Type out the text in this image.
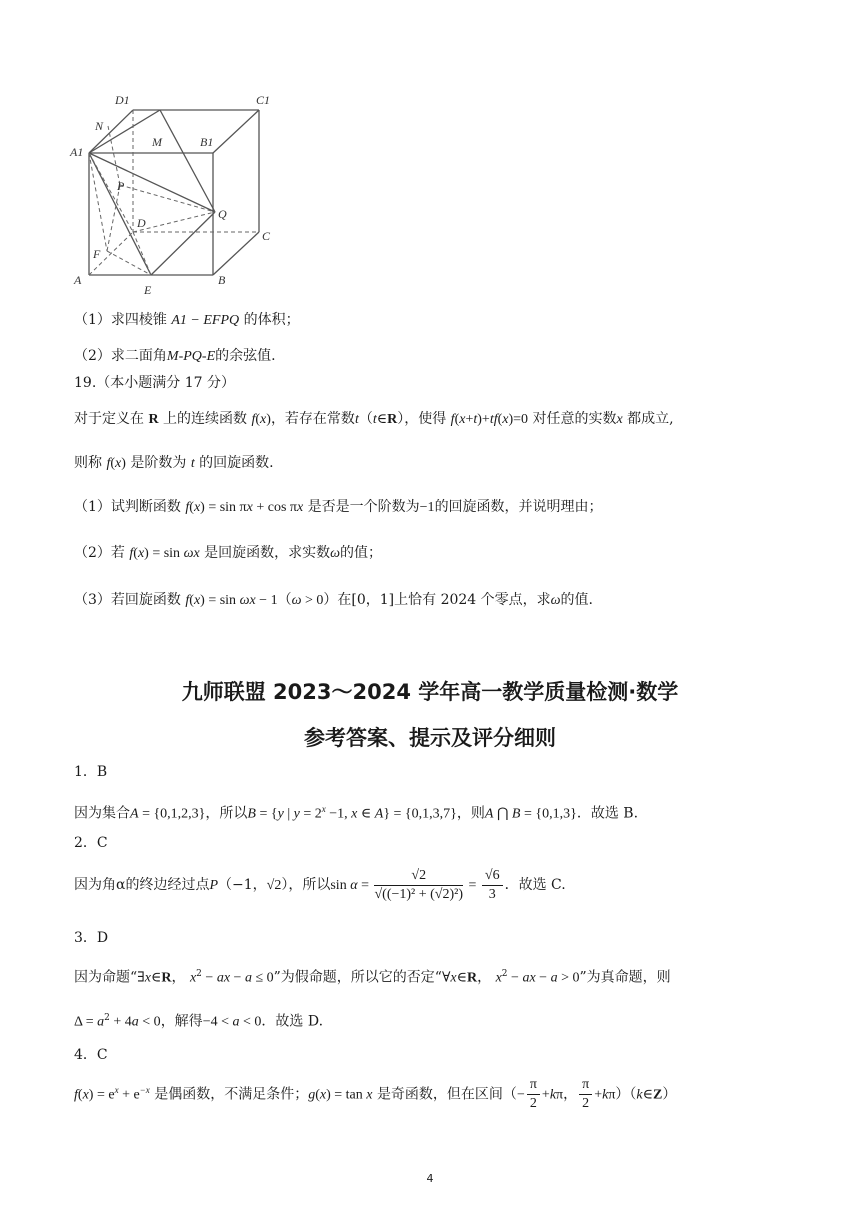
D1	C1
N
M	B1
A1
P
Q
D
C
F
A
E
B
（1）求四棱锥 A1 − EFPQ 的体积；
（2）求二面角M-PQ-E的余弦值.
19.（本小题满分 17 分）
对于定义在 R 上的连续函数 f(x)，若存在常数t（t∈R），使得 f(x+t)+tf(x)=0 对任意的实数x 都成立,
则称 f(x) 是阶数为 t 的回旋函数.
（1）试判断函数 f(x) = sin πx + cos πx 是否是一个阶数为−1的回旋函数，并说明理由；
（2）若 f(x) = sin ωx 是回旋函数，求实数ω的值；
（3）若回旋函数 f(x) = sin ωx − 1（ω > 0）在[0，1]上恰有 2024 个零点，求ω的值.
九师联盟 2023～2024 学年高一教学质量检测·数学
参考答案、提示及评分细则
1．B
因为集合A = {0,1,2,3}，所以B = {y | $y = 2^x -1$, x ∈ A} = {0,1,3,7}，则A ⋂ B = {0,1,3}．故选 B.
2．C
因为角α的终边经过点P（−1，√2），所以$\sin \alpha = \frac{√2}{\text{√((−1)² + (√2)²)}} = \frac{√6}{3}$ ．故选 C.
3．D
因为命题“∃x∈R， $x^2$ − ax − a ≤ 0”为假命题，所以它的否定“∀x∈R， $x^2$ − ax − a > 0”为真命题，则
$\Delta = a^2 + 4a < 0$，解得−4 < a < 0．故选 D.
4．C
$f(x) = e^x + e^{-x}$ 是偶函数，不满足条件；g(x) = tan x 是奇函数，但在区间（− $\frac{\pi}{2} +k\pi$， $\frac{\pi}{2}$ +kπ）（k∈Z）
4
